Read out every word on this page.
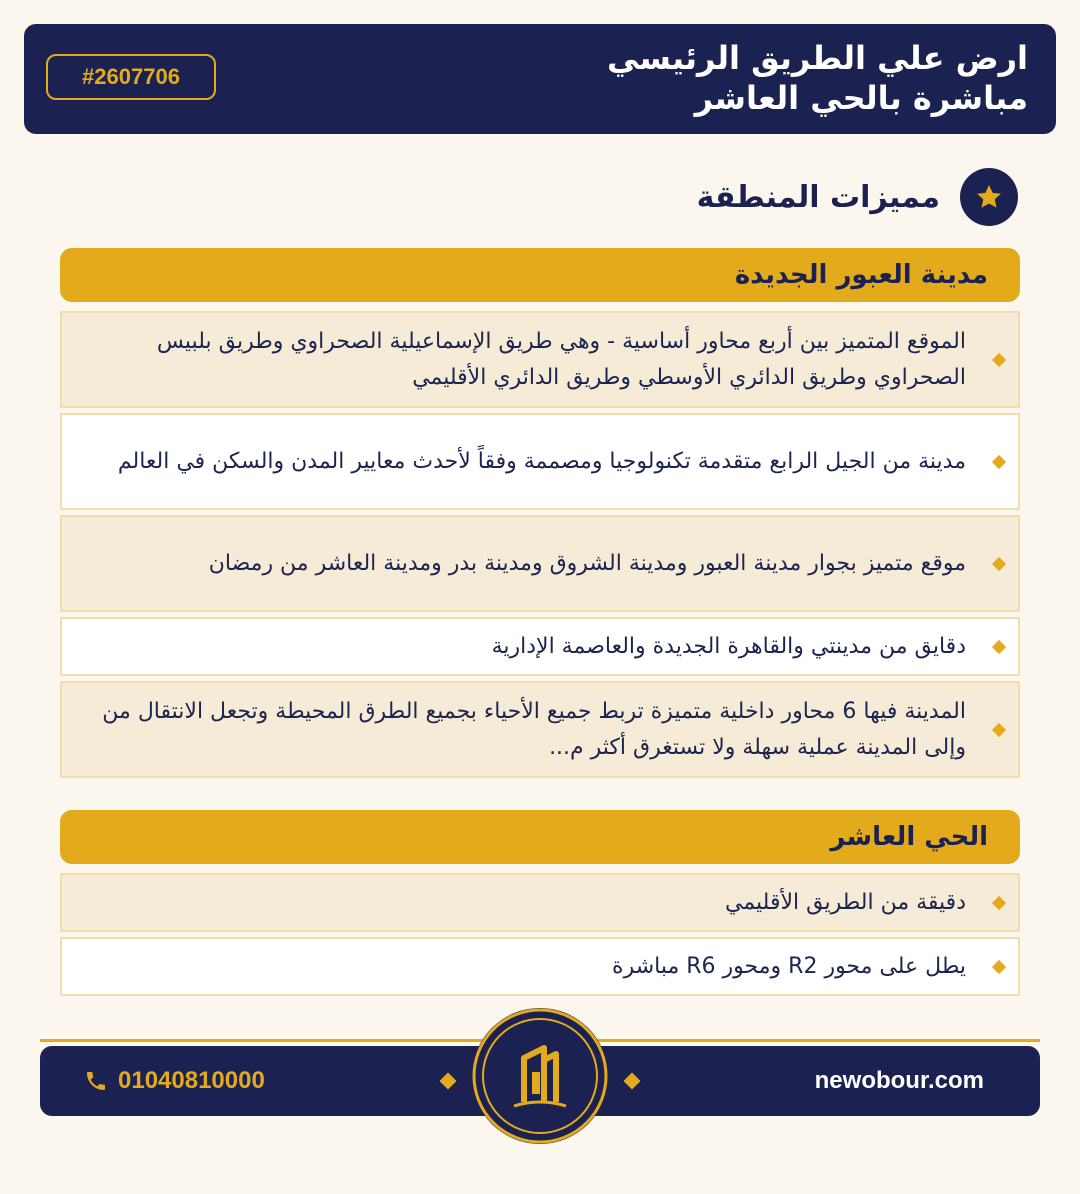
ارض علي الطريق الرئيسي
مباشرة بالحي العاشر
#2607706
مميزات المنطقة
مدينة العبور الجديدة
الموقع المتميز بين أربع محاور أساسية - وهي طريق الإسماعيلية الصحراوي وطريق بلبيس الصحراوي وطريق الدائري الأوسطي وطريق الدائري الأقليمي
مدينة من الجيل الرابع متقدمة تكنولوجيا ومصممة وفقاً لأحدث معايير المدن والسكن في العالم
موقع متميز بجوار مدينة العبور ومدينة الشروق ومدينة بدر ومدينة العاشر من رمضان
دقايق من مدينتي والقاهرة الجديدة والعاصمة الإدارية
المدينة فيها 6 محاور داخلية متميزة تربط جميع الأحياء بجميع الطرق المحيطة وتجعل الانتقال من وإلى المدينة عملية سهلة ولا تستغرق أكثر م...
الحي العاشر
دقيقة من الطريق الأقليمي
يطل على محور R2 ومحور R6 مباشرة
01040810000	newobour.com
